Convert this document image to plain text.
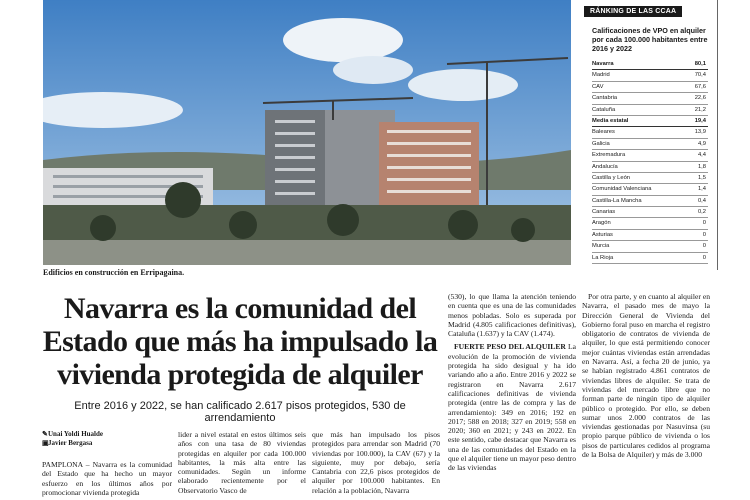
Edificios en construcción en Erripagaina.
RÁNKING DE LAS CCAA
Calificaciones de VPO en alquiler por cada 100.000 habitantes entre 2016 y 2022
Navarra	80,1
Madrid	70,4
CAV	67,6
Cantabria	22,6
Cataluña	21,2
Media estatal	19,4
Baleares	13,9
Galicia	4,9
Extremadura	4,4
Andalucía	1,8
Castilla y León	1,5
Comunidad Valenciana	1,4
Castilla-La Mancha	0,4
Canarias	0,2
Aragón	0
Asturias	0
Murcia	0
La Rioja	0
Navarra es la comunidad del Estado que más ha impulsado la vivienda protegida de alquiler
Entre 2016 y 2022, se han calificado 2.617 pisos protegidos, 530 de arrendamiento
✎Unai Yoldi Hualde
▣Javier Bergasa

PAMPLONA – Navarra es la comunidad del Estado que ha hecho un mayor esfuerzo en los últimos años por promocionar vivienda protegida

lider a nivel estatal en estos últimos seis años con una tasa de 80 viviendas protegidas en alquiler por cada 100.000 habitantes, la más alta entre las comunidades. Según un informe elaborado recientemente por el Observatorio Vasco de

que más han impulsado los pisos protegidos para arrendar son Madrid (70 viviendas por 100.000), la CAV (67) y la siguiente, muy por debajo, sería Cantabria con 22,6 pisos protegidos de alquiler por 100.000 habitantes. En relación a la población, Navarra

(530), lo que llama la atención teniendo en cuenta que es una de las comunidades menos pobladas. Solo es superada por Madrid (4.805 calificaciones definitivas), Cataluña (1.637) y la CAV (1.474).

FUERTE PESO DEL ALQUILER La evolución de la promoción de vivienda protegida ha sido desigual y ha ido variando año a año. Entre 2016 y 2022 se registraron en Navarra 2.617 calificaciones definitivas de vivienda protegida (entre las de compra y las de arrendamiento): 349 en 2016; 192 en 2017; 588 en 2018; 327 en 2019; 558 en 2020; 360 en 2021; y 243 en 2022. En este sentido, cabe destacar que Navarra es una de las comunidades del Estado en la que el alquiler tiene un mayor peso dentro de las viviendas

Por otra parte, y en cuanto al alquiler en Navarra, el pasado mes de mayo la Dirección General de Vivienda del Gobierno foral puso en marcha el registro obligatorio de contratos de vivienda de alquiler, lo que está permitiendo conocer mejor cuántas viviendas están arrendadas en Navarra. Así, a fecha 20 de junio, ya se habían registrado 4.861 contratos de viviendas libres de alquiler. Se trata de viviendas del mercado libre que no forman parte de ningún tipo de alquiler público o protegido. Por ello, se deben sumar unos 2.000 contratos de las viviendas gestionadas por Nasuvinsa (su propio parque público de vivienda o los pisos de particulares cedidos al programa de la Bolsa de Alquiler) y más de 3.000
